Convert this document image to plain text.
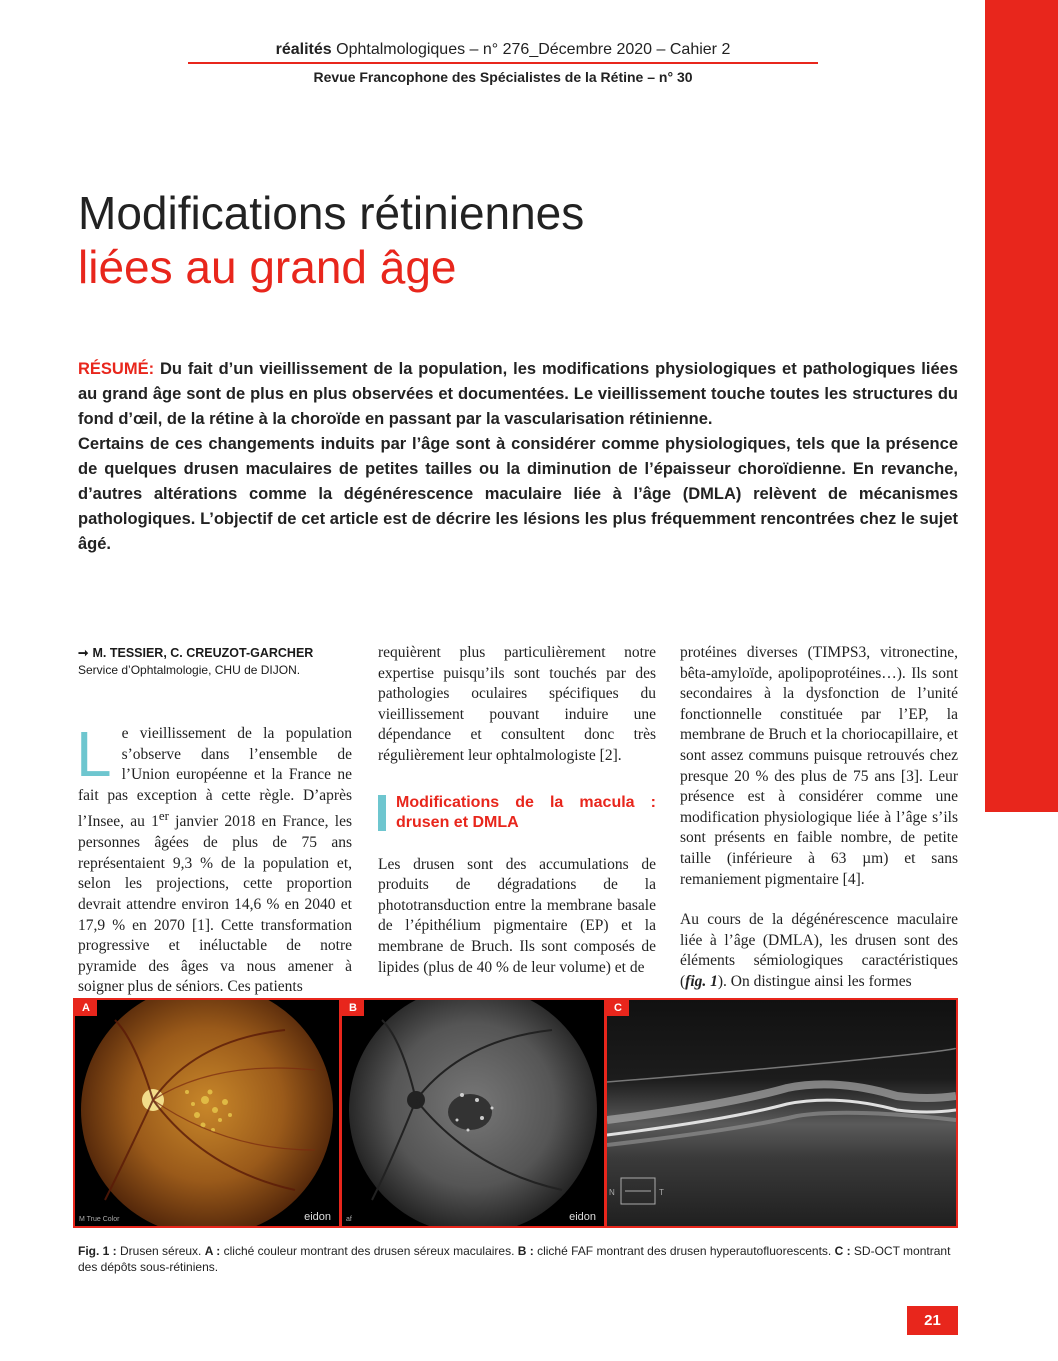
réalités Ophtalmologiques – n° 276_Décembre 2020 – Cahier 2
Revue Francophone des Spécialistes de la Rétine – n° 30
Modifications rétiniennes
liées au grand âge

RÉSUMÉ: Du fait d’un vieillissement de la population, les modifications physiologiques et pathologiques liées au grand âge sont de plus en plus observées et documentées. Le vieillissement touche toutes les structures du fond d’œil, de la rétine à la choroïde en passant par la vascularisation rétinienne.

Certains de ces changements induits par l’âge sont à considérer comme physiologiques, tels que la présence de quelques drusen maculaires de petites tailles ou la diminution de l’épaisseur choroïdienne. En revanche, d’autres altérations comme la dégénérescence maculaire liée à l’âge (DMLA) relèvent de mécanismes pathologiques. L’objectif de cet article est de décrire les lésions les plus fréquemment rencontrées chez le sujet âgé.

➞ M. TESSIER, C. CREUZOT-GARCHER
Service d’Ophtalmologie, CHU de DIJON.

Le vieillissement de la population s’observe dans l’ensemble de l’Union européenne et la France ne fait pas exception à cette règle. D’après l’Insee, au 1er janvier 2018 en France, les personnes âgées de plus de 75 ans représentaient 9,3 % de la population et, selon les projections, cette proportion devrait attendre environ 14,6 % en 2040 et 17,9 % en 2070 [1]. Cette transformation progressive et inéluctable de notre pyramide des âges va nous amener à soigner plus de séniors. Ces patients

requièrent plus particulièrement notre expertise puisqu’ils sont touchés par des pathologies oculaires spécifiques du vieillissement pouvant induire une dépendance et consultent donc très régulièrement leur ophtalmologiste [2].

Modifications de la macula : drusen et DMLA

Les drusen sont des accumulations de produits de dégradations de la phototransduction entre la membrane basale de l’épithélium pigmentaire (EP) et la membrane de Bruch. Ils sont composés de lipides (plus de 40 % de leur volume) et de

protéines diverses (TIMPS3, vitronectine, bêta-amyloïde, apolipoprotéines…). Ils sont secondaires à la dysfonction de l’unité fonctionnelle constituée par l’EP, la membrane de Bruch et la choriocapillaire, et sont assez communs puisque retrouvés chez presque 20 % des plus de 75 ans [3]. Leur présence est à considérer comme une modification physiologique liée à l’âge s’ils sont présents en faible nombre, de petite taille (inférieure à 63 µm) et sans remaniement pigmentaire [4].

Au cours de la dégénérescence maculaire liée à l’âge (DMLA), les drusen sont des éléments sémiologiques caractéristiques (fig. 1). On distingue ainsi les formes

A
M True Color	eidon
B
af	eidon
C
N	T
Fig. 1 : Drusen séreux. A : cliché couleur montrant des drusen séreux maculaires. B : cliché FAF montrant des drusen hyperautofluorescents. C : SD-OCT montrant des dépôts sous-rétiniens.
21
